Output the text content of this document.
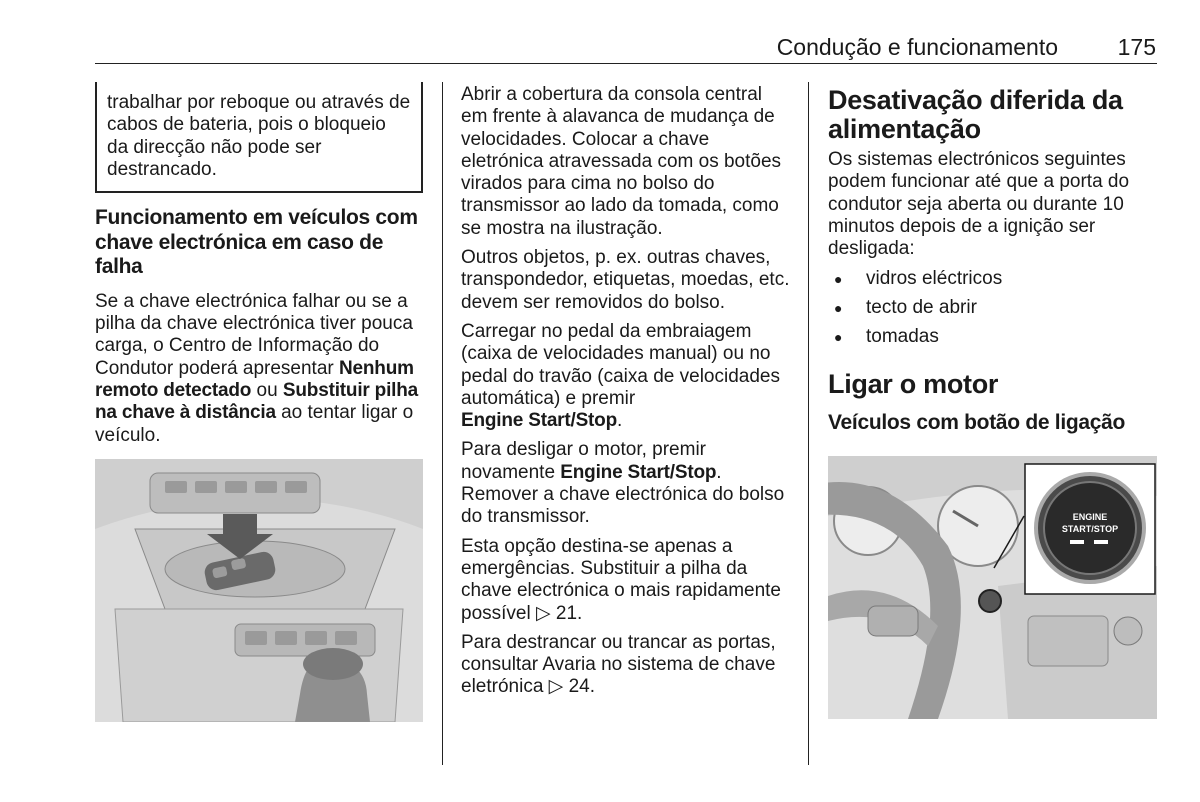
Condução e funcionamento	175
trabalhar por reboque ou através de cabos de bateria, pois o bloqueio da direcção não pode ser destrancado.
Funcionamento em veículos com chave electrónica em caso de falha

Se a chave electrónica falhar ou se a pilha da chave electrónica tiver pouca carga, o Centro de Informação do Condutor poderá apresentar Nenhum remoto detectado ou Substituir pilha na chave à distância ao tentar ligar o veículo.

Abrir a cobertura da consola central em frente à alavanca de mudança de velocidades. Colocar a chave eletrónica atravessada com os botões virados para cima no bolso do transmissor ao lado da tomada, como se mostra na ilustração.

Outros objetos, p. ex. outras chaves, transpondedor, etiquetas, moedas, etc. devem ser removidos do bolso.

Carregar no pedal da embraiagem (caixa de velocidades manual) ou no pedal do travão (caixa de velocidades automática) e premir
Engine Start/Stop.

Para desligar o motor, premir novamente Engine Start/Stop. Remover a chave electrónica do bolso do transmissor.

Esta opção destina-se apenas a emergências. Substituir a pilha da chave electrónica o mais rapidamente possível ▷ 21.

Para destrancar ou trancar as portas, consultar Avaria no sistema de chave eletrónica ▷ 24.

Desativação diferida da alimentação

Os sistemas electrónicos seguintes podem funcionar até que a porta do condutor seja aberta ou durante 10 minutos depois de a ignição ser desligada:

● vidros eléctricos
● tecto de abrir
● tomadas
Ligar o motor
Veículos com botão de ligação
ENGINE
START/STOP
